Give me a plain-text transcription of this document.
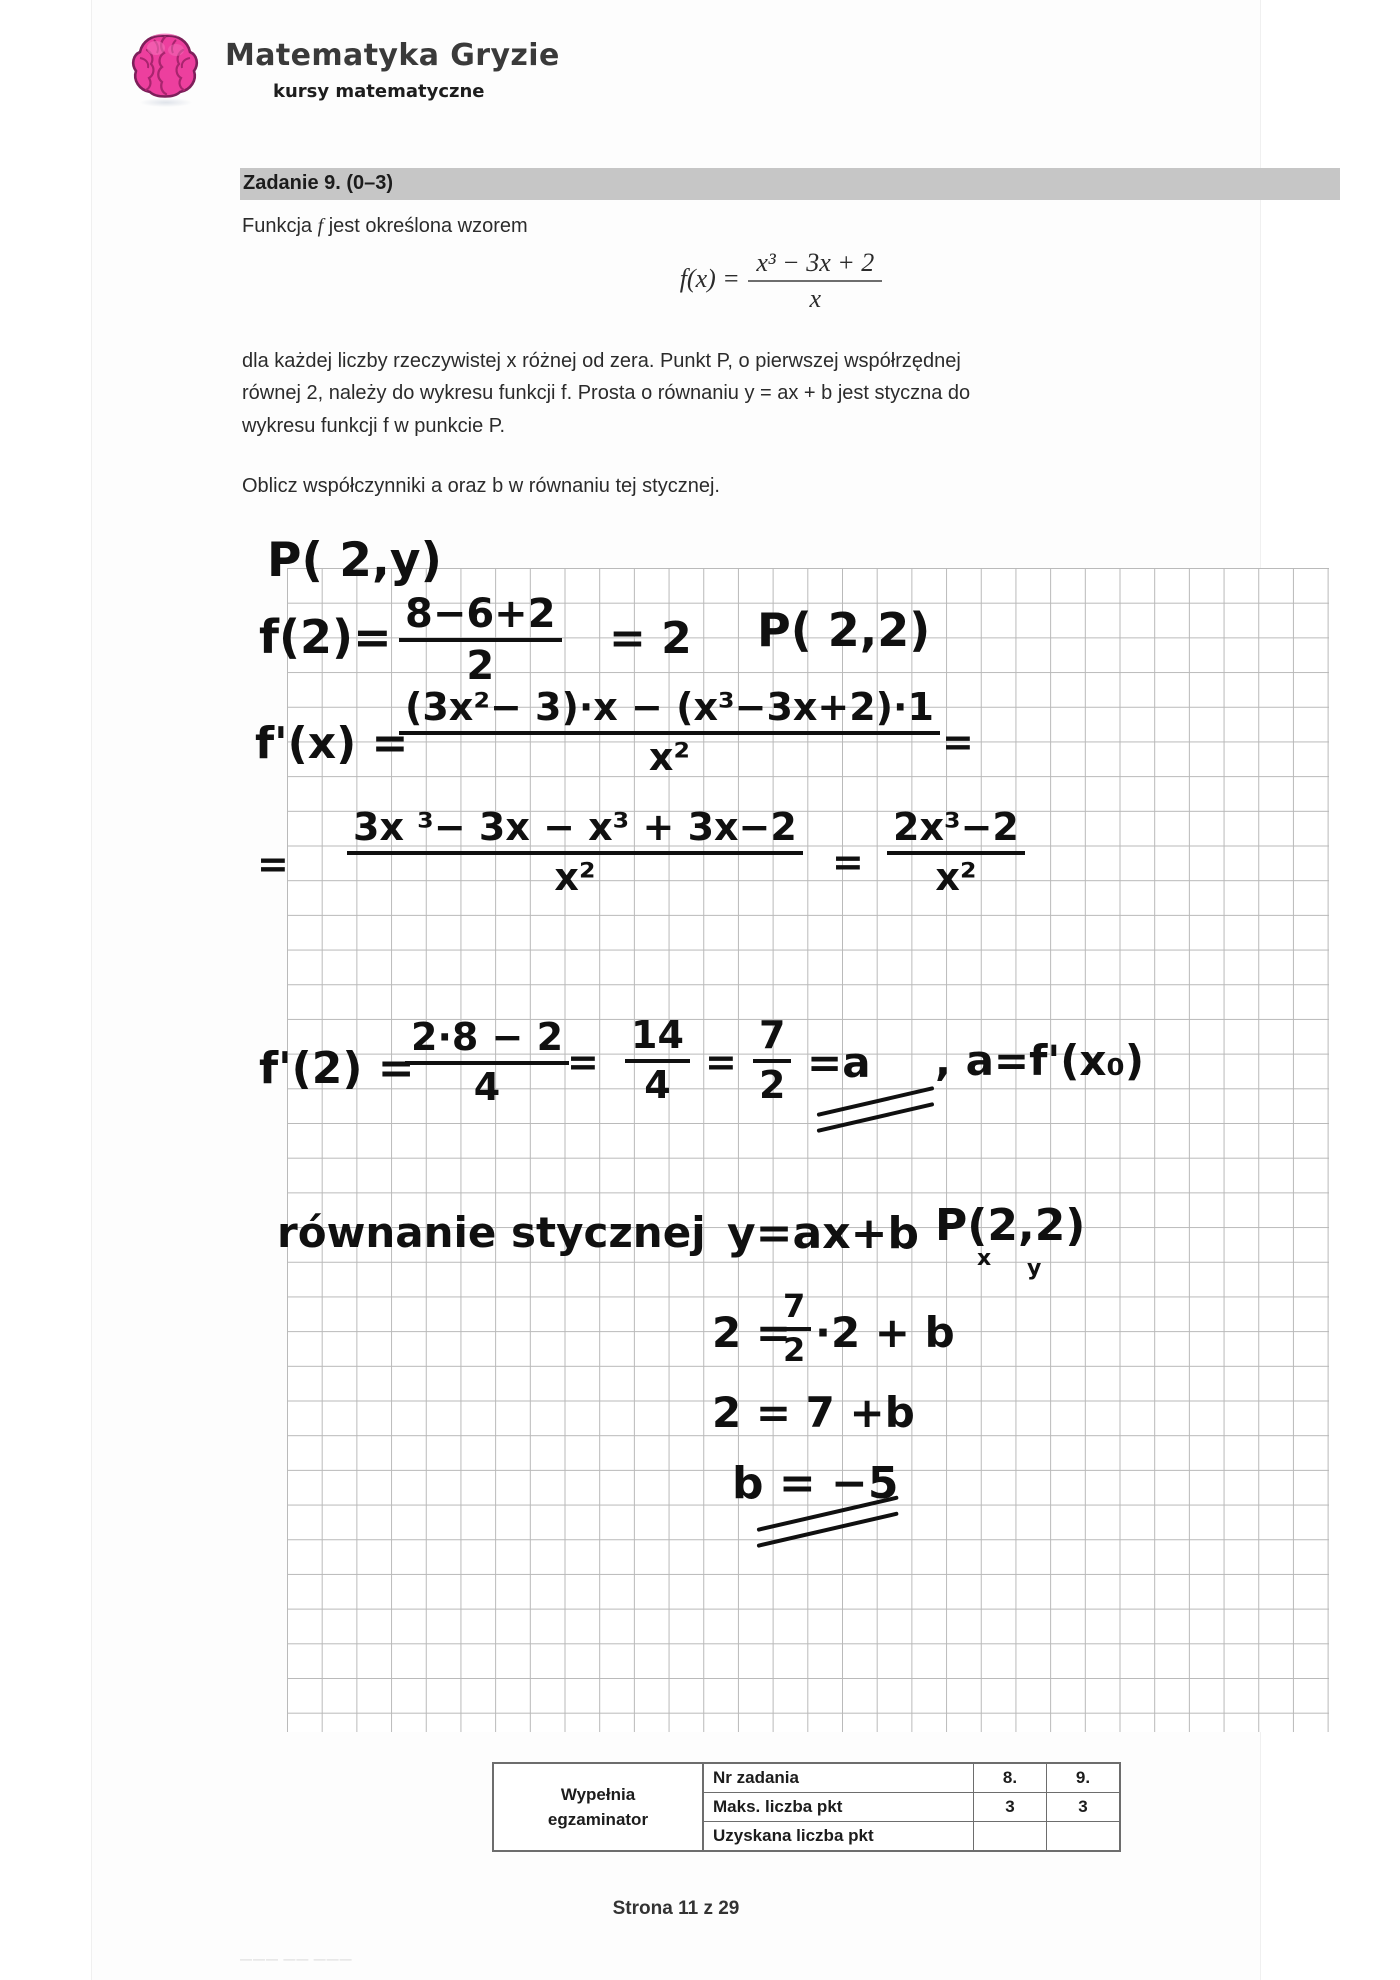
Matematyka Gryzie
kursy matematyczne
Zadanie 9. (0–3)

Funkcja f jest określona wzorem

$f(x) = \frac{\text{x³ − 3x + 2}}{x}$

dla każdej liczby rzeczywistej x różnej od zera. Punkt P, o pierwszej współrzędnej

równej 2, należy do wykresu funkcji f. Prosta o równaniu y = ax + b jest styczna do

wykresu funkcji f w punkcie P.

Oblicz współczynniki a oraz b w równaniu tej stycznej.

P( 2,y)
$f(2)= \frac{8-6+2}{2} = 2$ P( 2,2)
f'(x) =
$\frac{\text{(3x²− 3)·x − (x³−3x+2)·1}}{\text{x²}}$ =
= $\frac{\text{3x ³− 3x − x³ + 3x−2}}{\text{x²}} = \frac{\text{2x³−2}}{\text{x²}}$
f'(2) =
$\frac{2\cdot 8 - 2}{4}$
= $\frac{14}{4} = \frac{7}{2} =a$ , a=f'(x₀)
równanie stycznej y=ax+b P(2,2)
x y
2 =
$\frac{7}{2} \cdot 2 + b$
2 = 7 +b
b = −5
Wypełnia
egzaminator	Nr zadania	8.	9.
	Maks. liczba pkt	3	3
	Uzyskana liczba pkt		
Strona 11 z 29
——— —— ———
